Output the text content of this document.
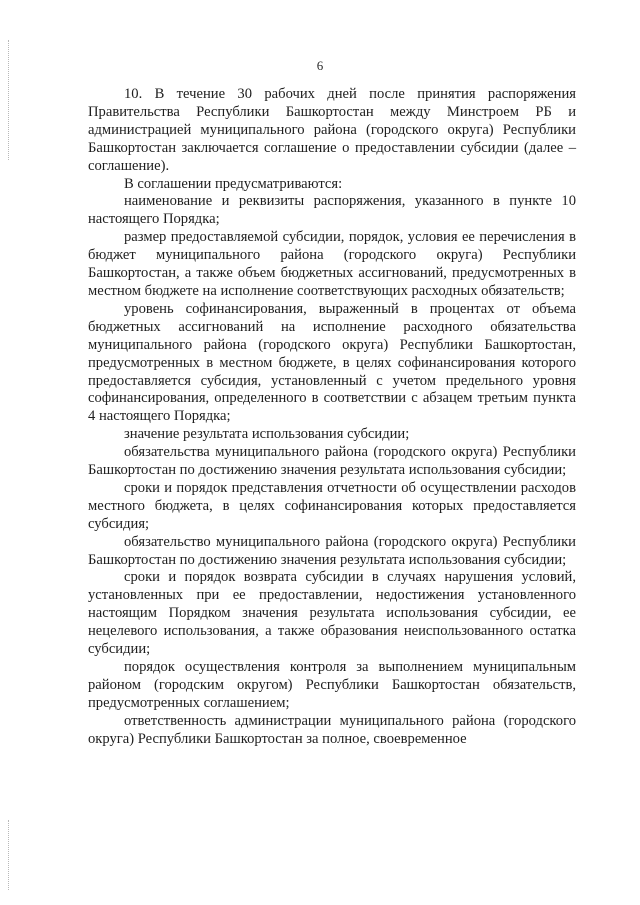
6

10. В течение 30 рабочих дней после принятия распоряжения Правительства Республики Башкортостан между Минстроем РБ и администрацией муниципального района (городского округа) Республики Башкортостан заключается соглашение о предоставлении субсидии (далее – соглашение).

В соглашении предусматриваются:

наименование и реквизиты распоряжения, указанного в пункте 10 настоящего Порядка;

размер предоставляемой субсидии, порядок, условия ее перечисления в бюджет муниципального района (городского округа) Республики Башкортостан, а также объем бюджетных ассигнований, предусмотренных в местном бюджете на исполнение соответствующих расходных обязательств;

уровень софинансирования, выраженный в процентах от объема бюджетных ассигнований на исполнение расходного обязательства муниципального района (городского округа) Республики Башкортостан, предусмотренных в местном бюджете, в целях софинансирования которого предоставляется субсидия, установленный с учетом предельного уровня софинансирования, определенного в соответствии с абзацем третьим пункта 4 настоящего Порядка;

значение результата использования субсидии;

обязательства муниципального района (городского округа) Республики Башкортостан по достижению значения результата использования субсидии;

сроки и порядок представления отчетности об осуществлении расходов местного бюджета, в целях софинансирования которых предоставляется субсидия;

обязательство муниципального района (городского округа) Республики Башкортостан по достижению значения результата использования субсидии;

сроки и порядок возврата субсидии в случаях нарушения условий, установленных при ее предоставлении, недостижения установленного настоящим Порядком значения результата использования субсидии, ее нецелевого использования, а также образования неиспользованного остатка субсидии;

порядок осуществления контроля за выполнением муниципальным районом (городским округом) Республики Башкортостан обязательств, предусмотренных соглашением;

ответственность администрации муниципального района (городского округа) Республики Башкортостан за полное, своевременное
